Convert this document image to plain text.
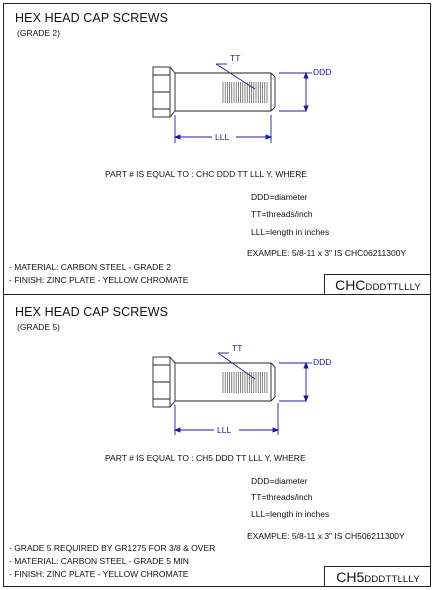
HEX HEAD CAP SCREWS
(GRADE 2)
TT
DDD
LLL
PART # IS EQUAL TO : CHC DDD TT LLL Y, WHERE
DDD=diameter
TT=threads/inch
LLL=length in inches
EXAMPLE: 5/8-11 x 3" IS CHC06211300Y
- MATERIAL: CARBON STEEL - GRADE 2
- FINISH: ZINC PLATE - YELLOW CHROMATE	CHCDDDTTLLLY
HEX HEAD CAP SCREWS
(GRADE 5)
TT
DDD
LLL
PART # IS EQUAL TO : CH5 DDD TT LLL Y, WHERE
DDD=diameter
TT=threads/inch
LLL=length in inches
EXAMPLE: 5/8-11 x 3" IS CH506211300Y
- GRADE 5 REQUIRED BY GR1275 FOR 3/8 & OVER
- MATERIAL: CARBON STEEL - GRADE 5 MIN
- FINISH: ZINC PLATE - YELLOW CHROMATE	CH5DDDTTLLLY
